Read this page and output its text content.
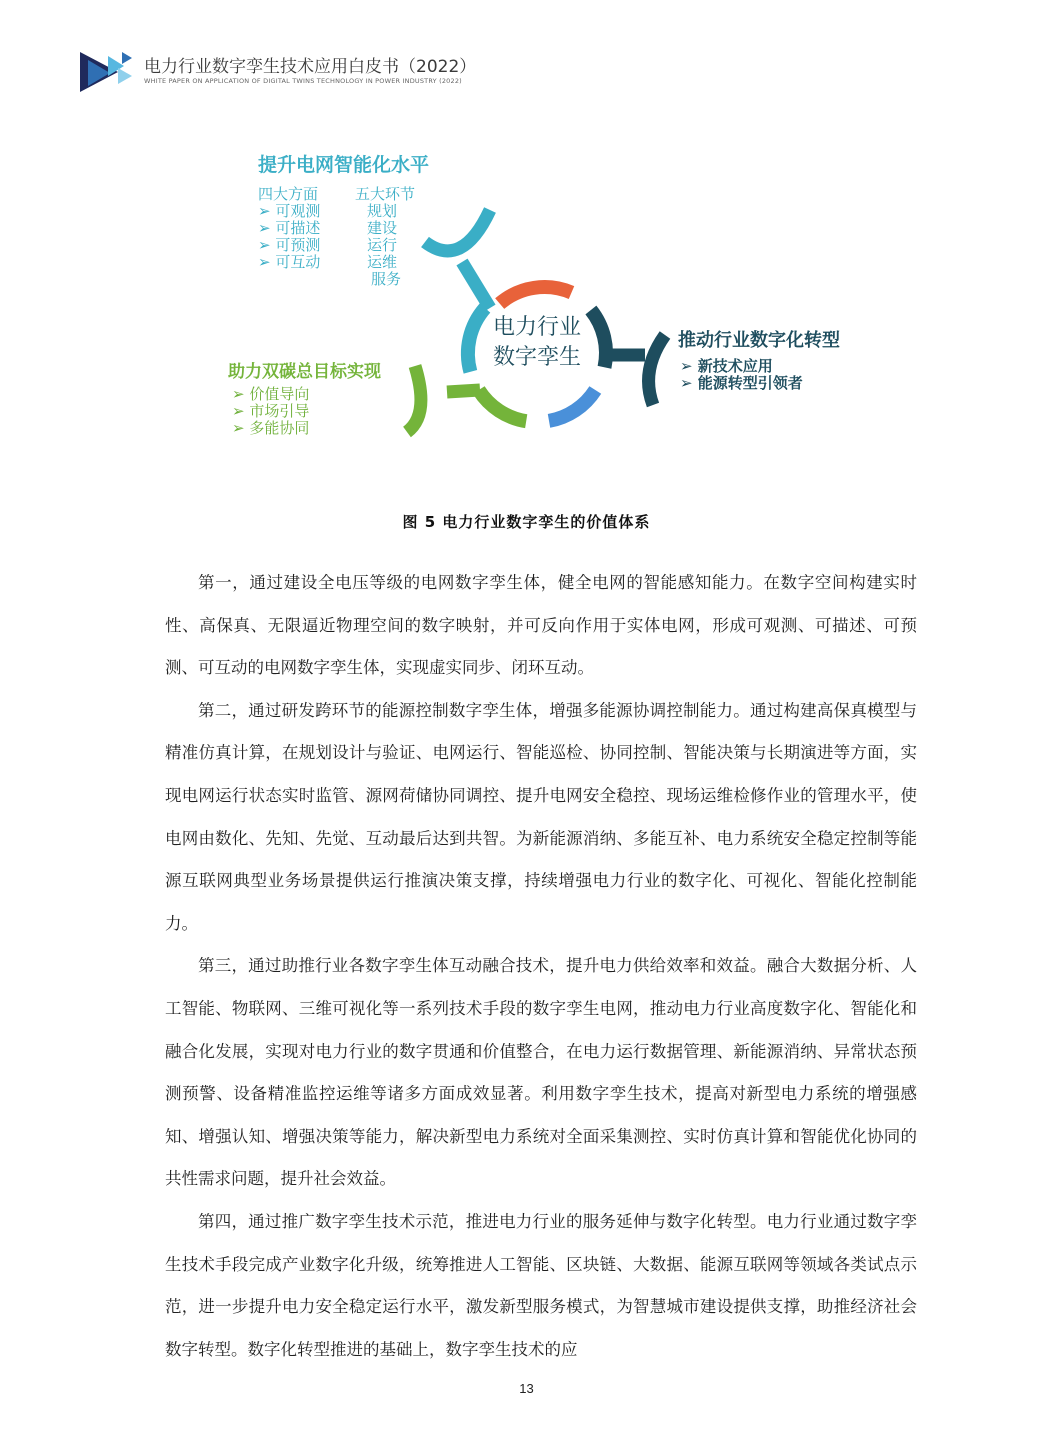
电力行业数字孪生技术应用白皮书（2022）
WHITE PAPER ON APPLICATION OF DIGITAL TWINS TECHNOLOGY IN POWER INDUSTRY (2022)
电力行业
数字孪生
提升电网智能化水平
四大方面
➢ 可观测
➢ 可描述
➢ 可预测
➢ 可互动
五大环节
规划
建设
运行
运维
服务
推动行业数字化转型
➢ 新技术应用
➢ 能源转型引领者
助力双碳总目标实现
➢ 价值导向
➢ 市场引导
➢ 多能协同
图 5 电力行业数字孪生的价值体系

第一，通过建设全电压等级的电网数字孪生体，健全电网的智能感知能力。在数字空间构建实时性、高保真、无限逼近物理空间的数字映射，并可反向作用于实体电网，形成可观测、可描述、可预测、可互动的电网数字孪生体，实现虚实同步、闭环互动。

第二，通过研发跨环节的能源控制数字孪生体，增强多能源协调控制能力。通过构建高保真模型与精准仿真计算，在规划设计与验证、电网运行、智能巡检、协同控制、智能决策与长期演进等方面，实现电网运行状态实时监管、源网荷储协同调控、提升电网安全稳控、现场运维检修作业的管理水平，使电网由数化、先知、先觉、互动最后达到共智。为新能源消纳、多能互补、电力系统安全稳定控制等能源互联网典型业务场景提供运行推演决策支撑，持续增强电力行业的数字化、可视化、智能化控制能力。

第三，通过助推行业各数字孪生体互动融合技术，提升电力供给效率和效益。融合大数据分析、人工智能、物联网、三维可视化等一系列技术手段的数字孪生电网，推动电力行业高度数字化、智能化和融合化发展，实现对电力行业的数字贯通和价值整合，在电力运行数据管理、新能源消纳、异常状态预测预警、设备精准监控运维等诸多方面成效显著。利用数字孪生技术，提高对新型电力系统的增强感知、增强认知、增强决策等能力，解决新型电力系统对全面采集测控、实时仿真计算和智能优化协同的共性需求问题，提升社会效益。

第四，通过推广数字孪生技术示范，推进电力行业的服务延伸与数字化转型。电力行业通过数字孪生技术手段完成产业数字化升级，统筹推进人工智能、区块链、大数据、能源互联网等领域各类试点示范，进一步提升电力安全稳定运行水平，激发新型服务模式，为智慧城市建设提供支撑，助推经济社会数字转型。数字化转型推进的基础上，数字孪生技术的应

13
